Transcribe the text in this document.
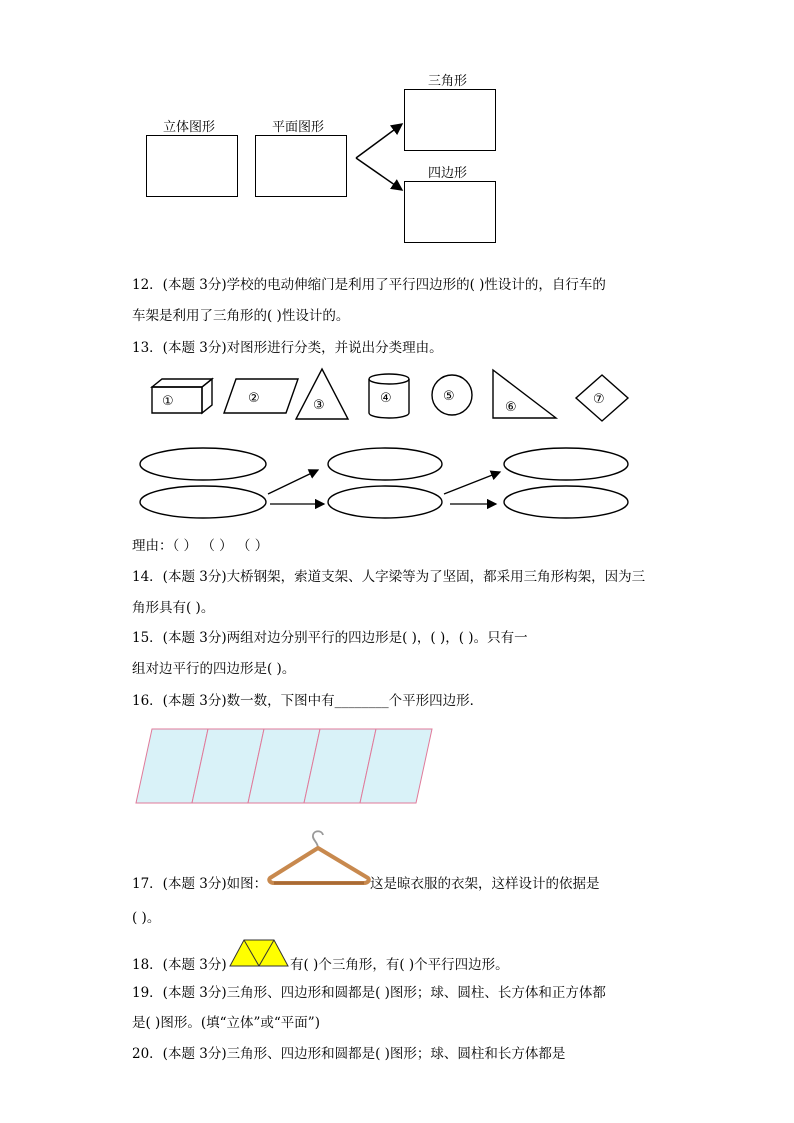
立体图形	平面图形
三角形
四边形
12．(本题 3分)学校的电动伸缩门是利用了平行四边形的( )性设计的，自行车的
车架是利用了三角形的( )性设计的。
13．(本题 3分)对图形进行分类，并说出分类理由。
①	②	③	④	⑤
⑥
⑦
理由：（ ） （ ） （ ）
14．(本题 3分)大桥钢架，索道支架、人字梁等为了坚固，都采用三角形构架，因为三
角形具有( )。
15．(本题 3分)两组对边分别平行的四边形是( )，( )，( )。只有一
组对边平行的四边形是( )。
16．(本题 3分)数一数，下图中有________个平形四边形．
17．(本题 3分)如图：	这是晾衣服的衣架，这样设计的依据是
( )。
18．(本题 3分)	有( )个三角形，有( )个平行四边形。
19．(本题 3分)三角形、四边形和圆都是( )图形；球、圆柱、长方体和正方体都
是( )图形。(填“立体”或“平面”)
20．(本题 3分)三角形、四边形和圆都是( )图形；球、圆柱和长方体都是
